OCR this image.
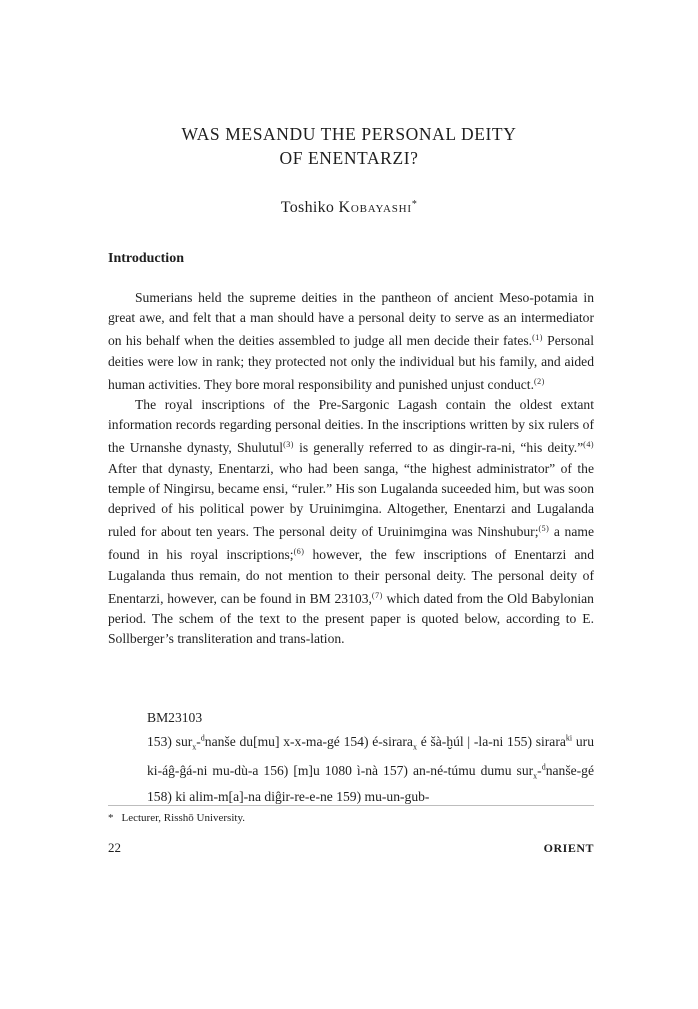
WAS MESANDU THE PERSONAL DEITY
OF ENENTARZI?
Toshiko Kobayashi*
Introduction

Sumerians held the supreme deities in the pantheon of ancient Meso-potamia in great awe, and felt that a man should have a personal deity to serve as an intermediator on his behalf when the deities assembled to judge all men decide their fates.$^{(1)}$ Personal deities were low in rank; they protected not only the individual but his family, and aided human activities. They bore moral responsibility and punished unjust conduct.$^{(2)}$

The royal inscriptions of the Pre-Sargonic Lagash contain the oldest extant information records regarding personal deities. In the inscriptions written by six rulers of the Urnanshe dynasty, Shulutul$^{(3)}$ is generally referred to as dingir-ra-ni, “his deity.”$^{(4)}$ After that dynasty, Enentarzi, who had been sanga, “the highest administrator” of the temple of Ningirsu, became ensi, “ruler.” His son Lugalanda suceeded him, but was soon deprived of his political power by Uruinimgina. Altogether, Enentarzi and Lugalanda ruled for about ten years. The personal deity of Uruinimgina was Ninshubur;$^{(5)}$ a name found in his royal inscriptions;$^{(6)}$ however, the few inscriptions of Enentarzi and Lugalanda thus remain, do not mention to their personal deity. The personal deity of Enentarzi, however, can be found in BM 23103,$^{(7)}$ which dated from the Old Babylonian period. The schem of the text to the present paper is quoted below, according to E. Sollberger’s transliteration and trans-lation.

BM23103
153) sur$_x$-$^d$nanše du[mu] x-x-ma-gé 154) é-sirara$_x$ é šà-ḫúl | -la-ni 155) sirara$^{ki}$ uru ki-áĝ-ĝá-ni mu-dù-a 156) [m]u 1080 ì-nà 157) an-né-túmu dumu sur$_x$-$^d$nanše-gé 158) ki alim-m[a]-na diĝir-re-e-ne 159) mu-un-gub-
* Lecturer, Risshō University.
22	ORIENT
